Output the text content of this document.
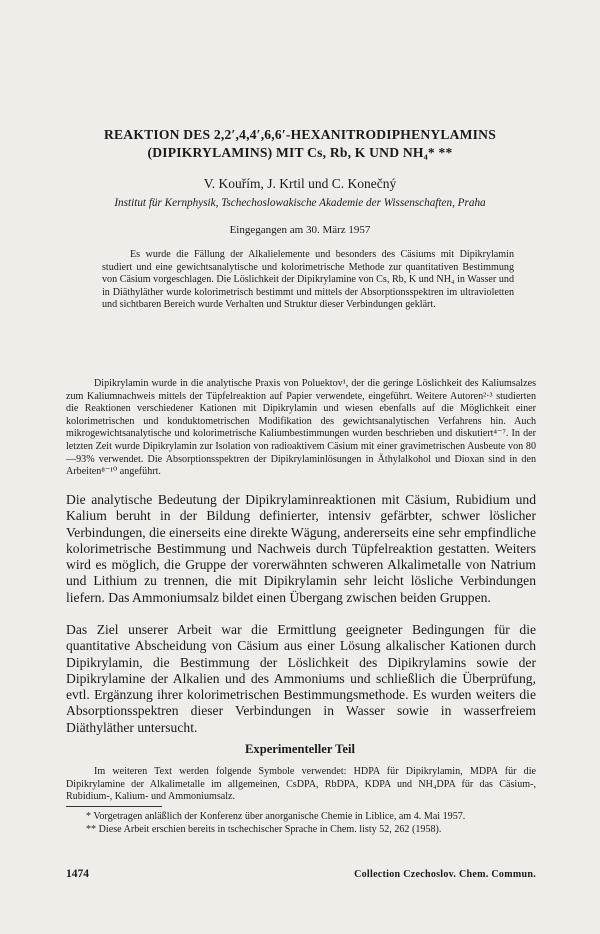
REAKTION DES 2,2′,4,4′,6,6′-HEXANITRODIPHENYLAMINS
(DIPIKRYLAMINS) MIT Cs, Rb, K UND NH₄* **
V. Kouřím, J. Krtil und C. Konečný
Institut für Kernphysik, Tschechoslowakische Akademie der Wissenschaften, Praha
Eingegangen am 30. März 1957

Es wurde die Fällung der Alkalielemente und besonders des Cäsiums mit Dipikrylamin studiert und eine gewichtsanalytische und kolorimetrische Methode zur quantitativen Bestimmung von Cäsium vorgeschlagen. Die Löslichkeit der Dipikrylamine von Cs, Rb, K und NH₄ in Wasser und in Diäthyläther wurde kolorimetrisch bestimmt und mittels der Absorptionsspektren im ultravioletten und sichtbaren Bereich wurde Verhalten und Struktur dieser Verbindungen geklärt.

Dipikrylamin wurde in die analytische Praxis von Poluektov¹, der die geringe Löslichkeit des Kaliumsalzes zum Kaliumnachweis mittels der Tüpfelreaktion auf Papier verwendete, eingeführt. Weitere Autoren²·³ studierten die Reaktionen verschiedener Kationen mit Dipikrylamin und wiesen ebenfalls auf die Möglichkeit einer kolorimetrischen und konduktometrischen Modifikation des gewichtsanalytischen Verfahrens hin. Auch mikrogewichtsanalytische und kolorimetrische Kaliumbestimmungen wurden beschrieben und diskutiert⁴⁻⁷. In der letzten Zeit wurde Dipikrylamin zur Isolation von radioaktivem Cäsium mit einer gravimetrischen Ausbeute von 80—93% verwendet. Die Absorptionsspektren der Dipikrylaminlösungen in Äthylalkohol und Dioxan sind in den Arbeiten⁸⁻¹⁰ angeführt.

Die analytische Bedeutung der Dipikrylaminreaktionen mit Cäsium, Rubidium und Kalium beruht in der Bildung definierter, intensiv gefärbter, schwer löslicher Verbindungen, die einerseits eine direkte Wägung, andererseits eine sehr empfindliche kolorimetrische Bestimmung und Nachweis durch Tüpfelreaktion gestatten. Weiters wird es möglich, die Gruppe der vorerwähnten schweren Alkalimetalle von Natrium und Lithium zu trennen, die mit Dipikrylamin sehr leicht lösliche Verbindungen liefern. Das Ammoniumsalz bildet einen Übergang zwischen beiden Gruppen.

Das Ziel unserer Arbeit war die Ermittlung geeigneter Bedingungen für die quantitative Abscheidung von Cäsium aus einer Lösung alkalischer Kationen durch Dipikrylamin, die Bestimmung der Löslichkeit des Dipikrylamins sowie der Dipikrylamine der Alkalien und des Ammoniums und schließlich die Überprüfung, evtl. Ergänzung ihrer kolorimetrischen Bestimmungsmethode. Es wurden weiters die Absorptionsspektren dieser Verbindungen in Wasser sowie in wasserfreiem Diäthyläther untersucht.

Experimenteller Teil

Im weiteren Text werden folgende Symbole verwendet: HDPA für Dipikrylamin, MDPA für die Dipikrylamine der Alkalimetalle im allgemeinen, CsDPA, RbDPA, KDPA und NH₄DPA für das Cäsium-, Rubidium-, Kalium- und Ammoniumsalz.

* Vorgetragen anläßlich der Konferenz über anorganische Chemie in Liblice, am 4. Mai 1957.

** Diese Arbeit erschien bereits in tschechischer Sprache in Chem. listy 52, 262 (1958).

1474	Collection Czechoslov. Chem. Commun.
